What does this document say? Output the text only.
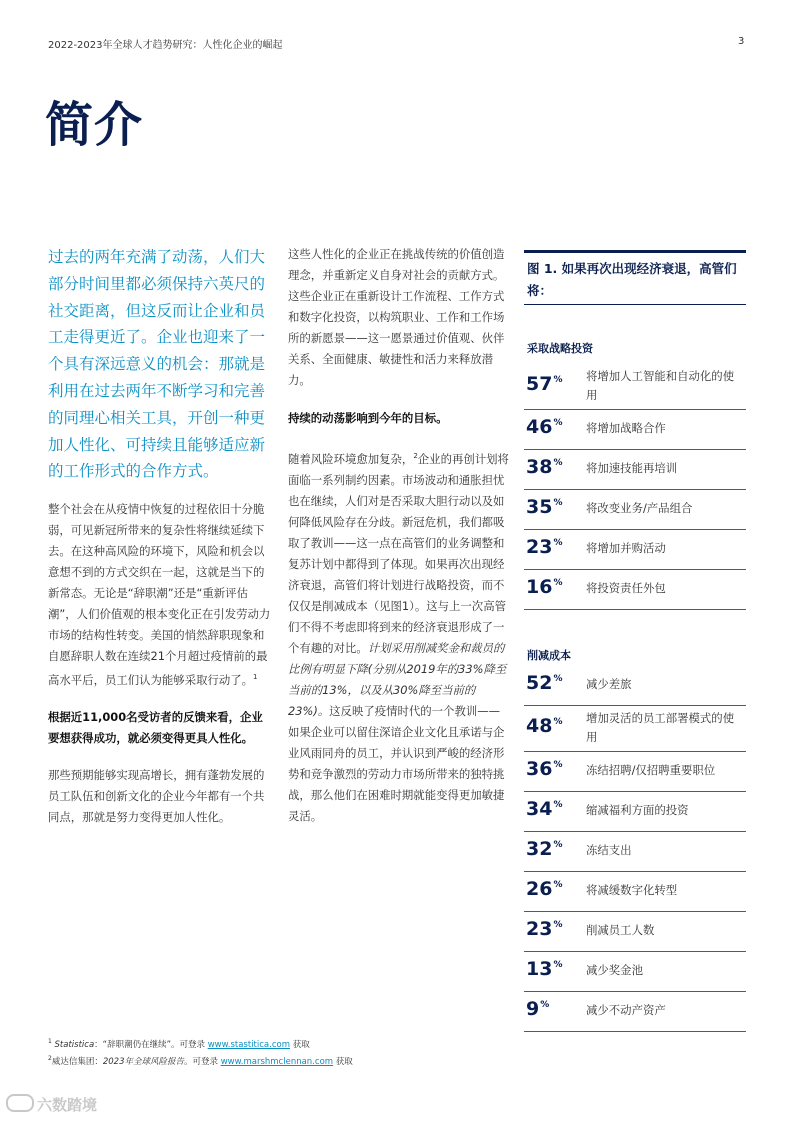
2022-2023年全球人才趋势研究：人性化企业的崛起	3
简介

过去的两年充满了动荡，人们大部分时间里都必须保持六英尺的社交距离，但这反而让企业和员工走得更近了。企业也迎来了一个具有深远意义的机会：那就是利用在过去两年不断学习和完善的同理心相关工具，开创一种更加人性化、可持续且能够适应新的工作形式的合作方式。

整个社会在从疫情中恢复的过程依旧十分脆弱，可见新冠所带来的复杂性将继续延续下去。在这种高风险的环境下，风险和机会以意想不到的方式交织在一起，这就是当下的新常态。无论是“辞职潮”还是“重新评估潮”，人们价值观的根本变化正在引发劳动力市场的结构性转变。美国的悄然辞职现象和自愿辞职人数在连续21个月超过疫情前的最高水平后，员工们认为能够采取行动了。$^1$

根据近11,000名受访者的反馈来看，企业要想获得成功，就必须变得更具人性化。

那些预期能够实现高增长，拥有蓬勃发展的员工队伍和创新文化的企业今年都有一个共同点，那就是努力变得更加人性化。

这些人性化的企业正在挑战传统的价值创造理念，并重新定义自身对社会的贡献方式。这些企业正在重新设计工作流程、工作方式和数字化投资，以构筑职业、工作和工作场所的新愿景——这一愿景通过价值观、伙伴关系、全面健康、敏捷性和活力来释放潜力。

持续的动荡影响到今年的目标。

随着风险环境愈加复杂，$^2$企业的再创计划将面临一系列制约因素。市场波动和通胀担忧也在继续，人们对是否采取大胆行动以及如何降低风险存在分歧。新冠危机，我们都吸取了教训——这一点在高管们的业务调整和复苏计划中都得到了体现。如果再次出现经济衰退，高管们将计划进行战略投资，而不仅仅是削减成本（见图1）。这与上一次高管们不得不考虑即将到来的经济衰退形成了一个有趣的对比。计划采用削减奖金和裁员的比例有明显下降(分别从2019年的33%降至当前的13%，以及从30%降至当前的23%)。这反映了疫情时代的一个教训——如果企业可以留住深谙企业文化且承诺与企业风雨同舟的员工，并认识到严峻的经济形势和竞争激烈的劳动力市场所带来的独特挑战，那么他们在困难时期就能变得更加敏捷灵活。

图 1. 如果再次出现经济衰退，高管们将：
采取战略投资
57% 将增加人工智能和自动化的使用
46% 将增加战略合作
38% 将加速技能再培训
35% 将改变业务/产品组合
23% 将增加并购活动
16% 将投资责任外包
削减成本
52% 减少差旅
48% 增加灵活的员工部署模式的使用
36% 冻结招聘/仅招聘重要职位
34% 缩减福利方面的投资
32% 冻结支出
26% 将减缓数字化转型
23% 削减员工人数
13% 减少奖金池
9%	减少不动产资产
$^1$ Statistica：“辞职潮仍在继续”。可登录 www.stastitica.com 获取
$^2$威达信集团：2023年全球风险报告。可登录 www.marshmclennan.com 获取
六数踏境
